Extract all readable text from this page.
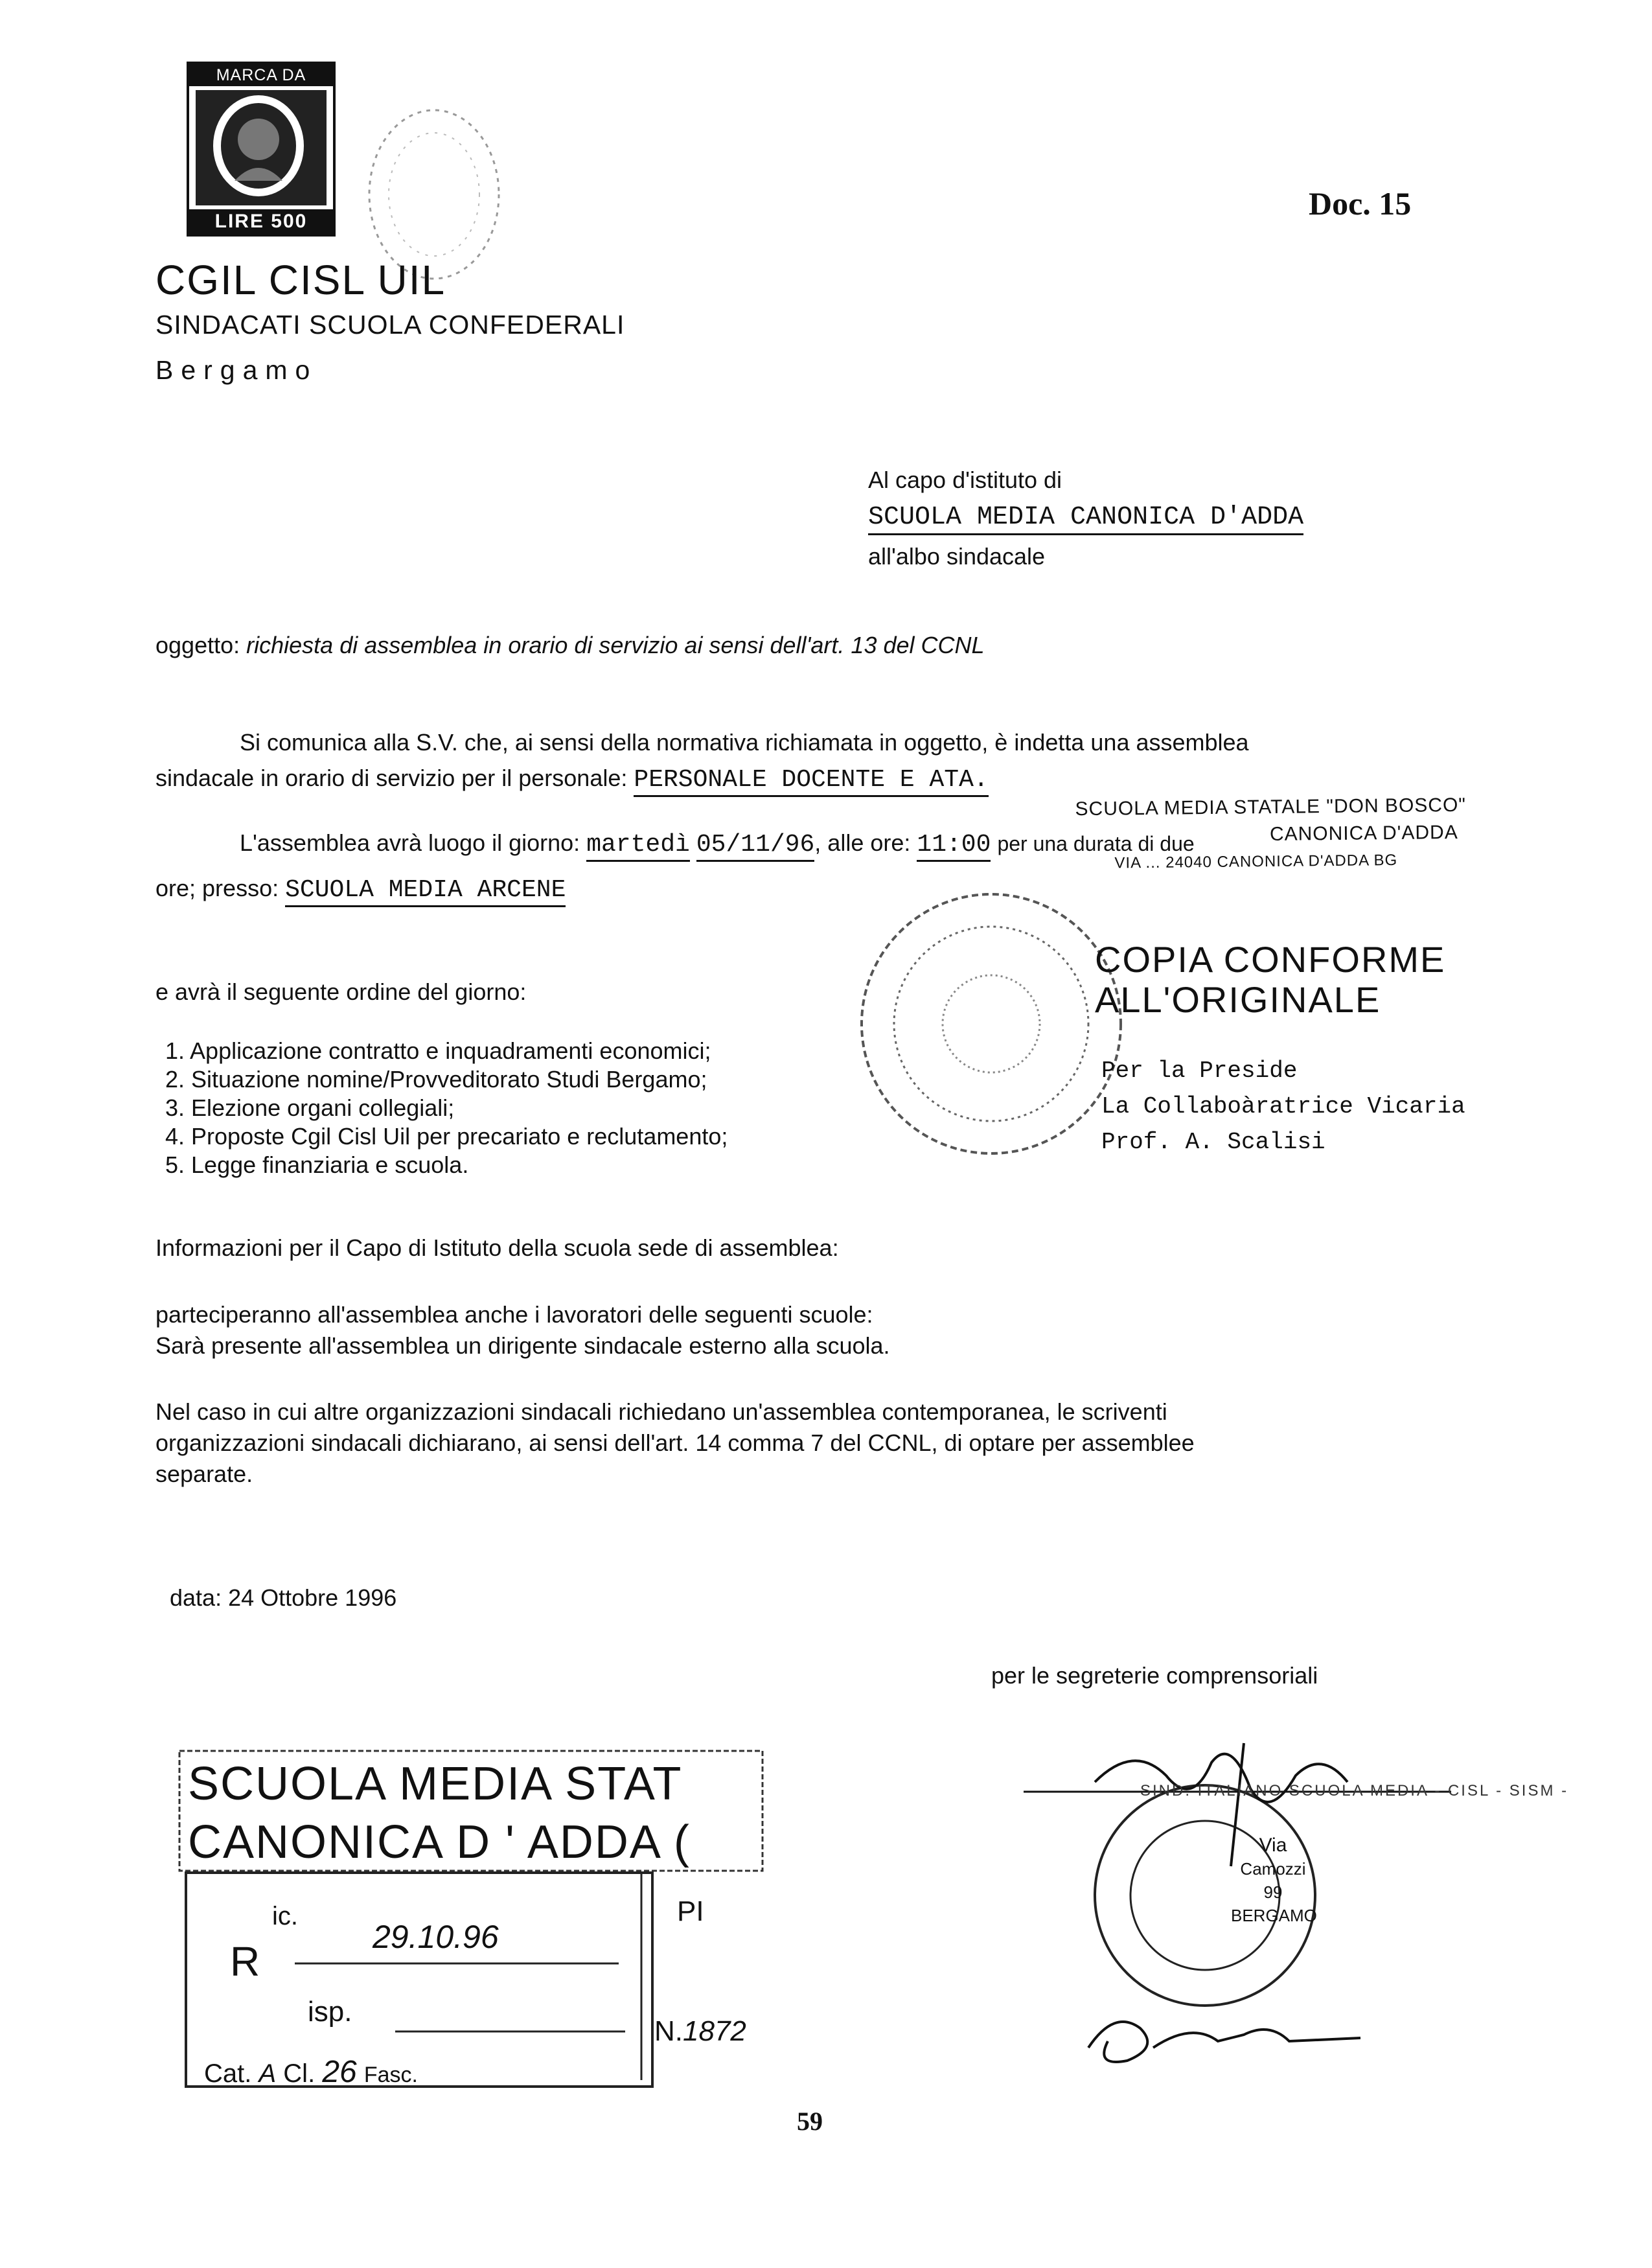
MARCA DA
LIRE 500	Doc. 15
CGIL CISL UIL
SINDACATI SCUOLA CONFEDERALI
Bergamo
Al capo d'istituto di
SCUOLA MEDIA CANONICA D'ADDA
all'albo sindacale
oggetto: richiesta di assemblea in orario di servizio ai sensi dell'art. 13 del CCNL
Si comunica alla S.V. che, ai sensi della normativa richiamata in oggetto, è indetta una assemblea
sindacale in orario di servizio per il personale: PERSONALE DOCENTE E ATA.
SCUOLA MEDIA STATALE "DON BOSCO"
CANONICA D'ADDA
VIA ... 24040 CANONICA D'ADDA BG
L'assemblea avrà luogo il giorno: martedì 05/11/96, alle ore: 11:00 per una durata di due
ore; presso: SCUOLA MEDIA ARCENE
e avrà il seguente ordine del giorno:
1. Applicazione contratto e inquadramenti economici;
2. Situazione nomine/Provveditorato Studi Bergamo;
3. Elezione organi collegiali;
4. Proposte Cgil Cisl Uil per precariato e reclutamento;
5. Legge finanziaria e scuola.
COPIA CONFORME
ALL'ORIGINALE
Per la Preside
La Collaboàratrice Vicaria
Prof. A. Scalisi
Informazioni per il Capo di Istituto della scuola sede di assemblea:
parteciperanno all'assemblea anche i lavoratori delle seguenti scuole:
Sarà presente all'assemblea un dirigente sindacale esterno alla scuola.
Nel caso in cui altre organizzazioni sindacali richiedano un'assemblea contemporanea, le scriventi
organizzazioni sindacali dichiarano, ai sensi dell'art. 14 comma 7 del CCNL, di optare per assemblee
separate.
data: 24 Ottobre 1996
per le segreterie comprensoriali
Via
Camozzi 99
BERGAMO
SIND. ITALIANO SCUOLA MEDIA - CISL - SISM -
SCUOLA MEDIA STAT
CANONICA D ' ADDA (
ic.
29.10.96
R
PI
isp.
N.1872
Cat. A Cl. 26 Fasc.
59
